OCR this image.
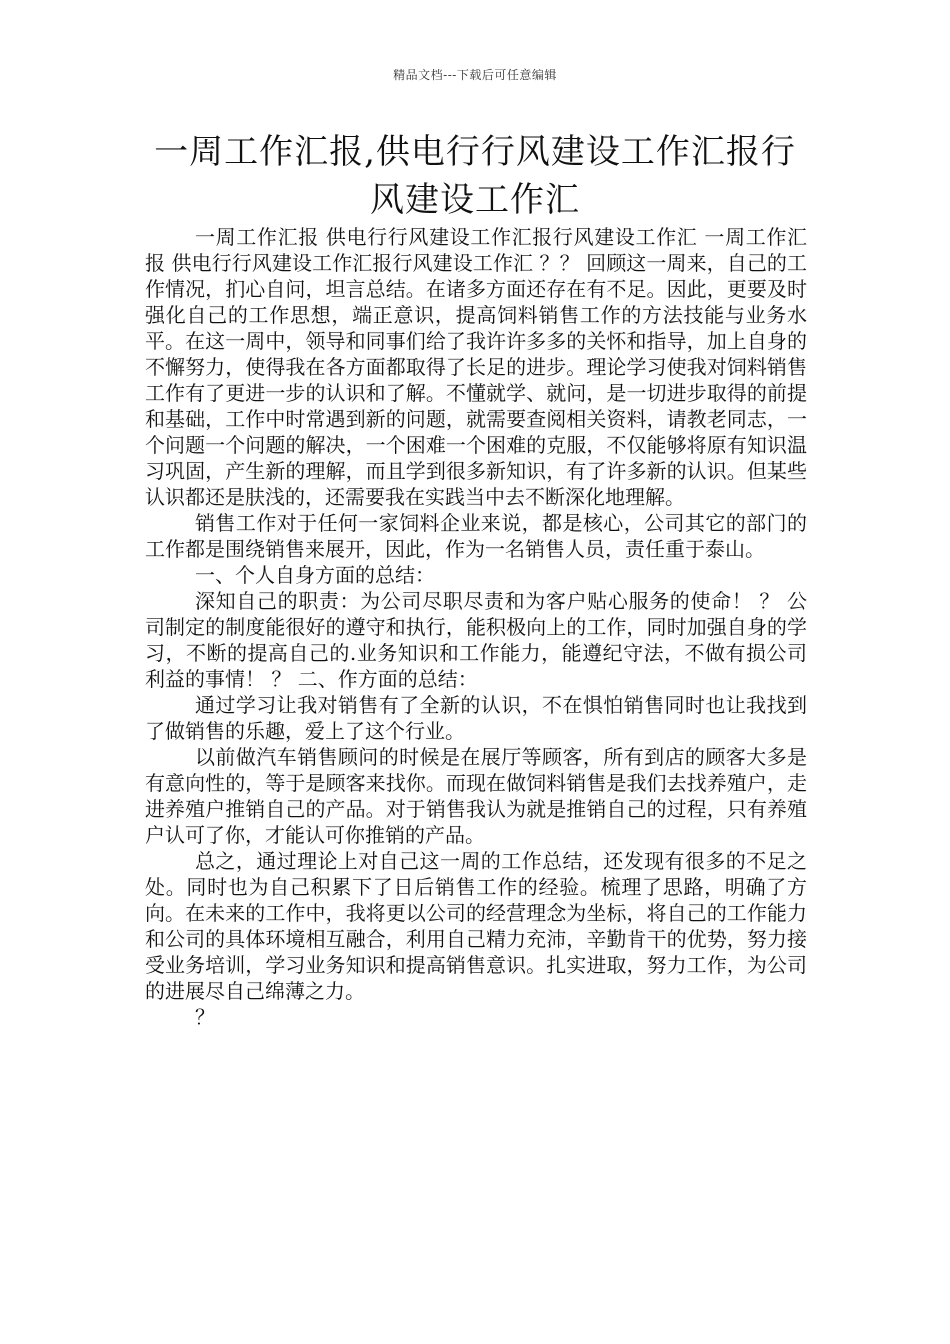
精品文档---下载后可任意编辑
一周工作汇报,供电行行风建设工作汇报行风建设工作汇

一周工作汇报 供电行行风建设工作汇报行风建设工作汇 一周工作汇报 供电行行风建设工作汇报行风建设工作汇 ？？ 回顾这一周来，自己的工作情况，扪心自问，坦言总结。在诸多方面还存在有不足。因此，更要及时强化自己的工作思想，端正意识，提高饲料销售工作的方法技能与业务水平。在这一周中，领导和同事们给了我许许多多的关怀和指导，加上自身的不懈努力，使得我在各方面都取得了长足的进步。理论学习使我对饲料销售工作有了更进一步的认识和了解。不懂就学、就问，是一切进步取得的前提和基础，工作中时常遇到新的问题，就需要查阅相关资料，请教老同志，一个问题一个问题的解决，一个困难一个困难的克服，不仅能够将原有知识温习巩固，产生新的理解，而且学到很多新知识，有了许多新的认识。但某些认识都还是肤浅的，还需要我在实践当中去不断深化地理解。

销售工作对于任何一家饲料企业来说，都是核心，公司其它的部门的工作都是围绕销售来展开，因此，作为一名销售人员，责任重于泰山。

一、个人自身方面的总结：

深知自己的职责：为公司尽职尽责和为客户贴心服务的使命！ ？ 公司制定的制度能很好的遵守和执行，能积极向上的工作，同时加强自身的学习，不断的提高自己的.业务知识和工作能力，能遵纪守法，不做有损公司利益的事情！ ？ 二、作方面的总结：

通过学习让我对销售有了全新的认识，不在惧怕销售同时也让我找到了做销售的乐趣，爱上了这个行业。

以前做汽车销售顾问的时候是在展厅等顾客，所有到店的顾客大多是有意向性的，等于是顾客来找你。而现在做饲料销售是我们去找养殖户，走进养殖户推销自己的产品。对于销售我认为就是推销自己的过程，只有养殖户认可了你，才能认可你推销的产品。

总之，通过理论上对自己这一周的工作总结，还发现有很多的不足之处。同时也为自己积累下了日后销售工作的经验。梳理了思路，明确了方向。在未来的工作中，我将更以公司的经营理念为坐标，将自己的工作能力和公司的具体环境相互融合，利用自己精力充沛，辛勤肯干的优势，努力接受业务培训，学习业务知识和提高销售意识。扎实进取，努力工作，为公司的进展尽自己绵薄之力。

？
